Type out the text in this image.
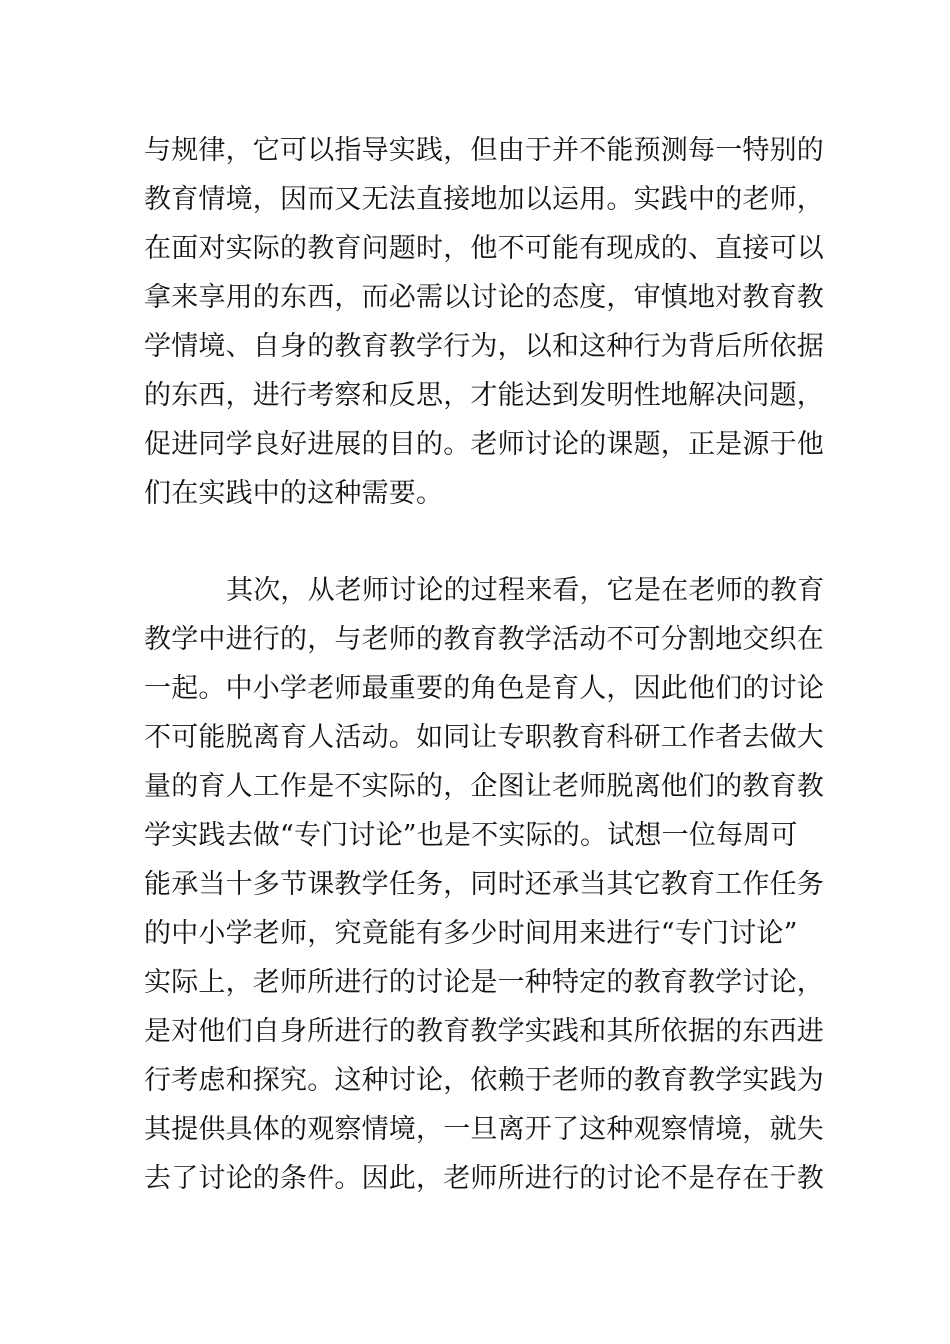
与规律，它可以指导实践，但由于并不能预测每一特别的
教育情境，因而又无法直接地加以运用。实践中的老师，
在面对实际的教育问题时，他不可能有现成的、直接可以
拿来享用的东西，而必需以讨论的态度，审慎地对教育教
学情境、自身的教育教学行为，以和这种行为背后所依据
的东西，进行考察和反思，才能达到发明性地解决问题，
促进同学良好进展的目的。老师讨论的课题，正是源于他
们在实践中的这种需要。
其次，从老师讨论的过程来看，它是在老师的教育
教学中进行的，与老师的教育教学活动不可分割地交织在
一起。中小学老师最重要的角色是育人，因此他们的讨论
不可能脱离育人活动。如同让专职教育科研工作者去做大
量的育人工作是不实际的，企图让老师脱离他们的教育教
学实践去做“专门讨论”也是不实际的。试想一位每周可
能承当十多节课教学任务，同时还承当其它教育工作任务
的中小学老师，究竟能有多少时间用来进行“专门讨论”
实际上，老师所进行的讨论是一种特定的教育教学讨论，
是对他们自身所进行的教育教学实践和其所依据的东西进
行考虑和探究。这种讨论，依赖于老师的教育教学实践为
其提供具体的观察情境，一旦离开了这种观察情境，就失
去了讨论的条件。因此，老师所进行的讨论不是存在于教
